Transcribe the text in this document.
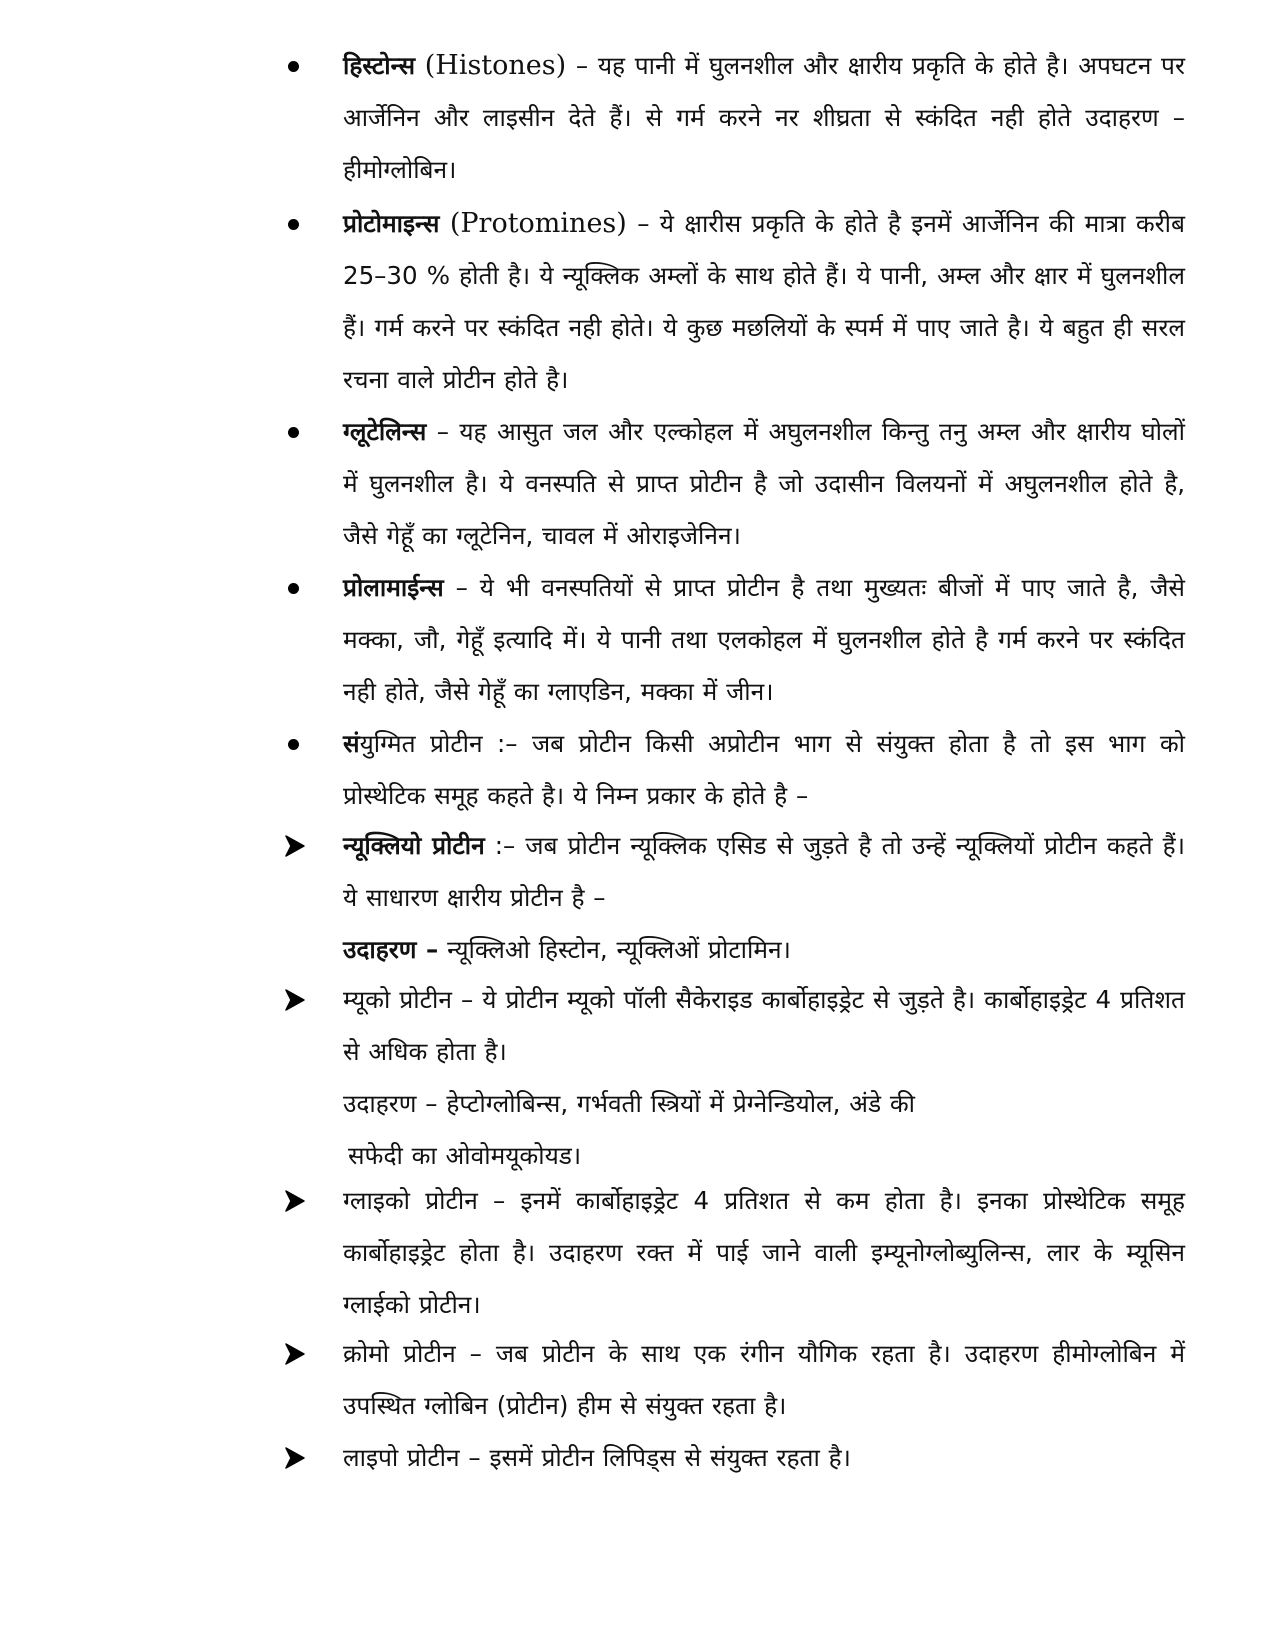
हिस्टोन्स (Histones) – यह पानी में घुलनशील और क्षारीय प्रकृति के होते है। अपघटन पर आर्जेनिन और लाइसीन देते हैं। से गर्म करने नर शीघ्रता से स्कंदित नही होते उदाहरण – हीमोग्लोबिन।
प्रोटोमाइन्स (Protomines) – ये क्षारीस प्रकृति के होते है इनमें आर्जेनिन की मात्रा करीब 25–30 % होती है। ये न्यूक्लिक अम्लों के साथ होते हैं। ये पानी, अम्ल और क्षार में घुलनशील हैं। गर्म करने पर स्कंदित नही होते। ये कुछ मछलियों के स्पर्म में पाए जाते है। ये बहुत ही सरल रचना वाले प्रोटीन होते है।
ग्लूटेलिन्स – यह आसुत जल और एल्कोहल में अघुलनशील किन्तु तनु अम्ल और क्षारीय घोलों में घुलनशील है। ये वनस्पति से प्राप्त प्रोटीन है जो उदासीन विलयनों में अघुलनशील होते है, जैसे गेहूँ का ग्लूटेनिन, चावल में ओराइजेनिन।
प्रोलामाईन्स – ये भी वनस्पतियों से प्राप्त प्रोटीन है तथा मुख्यतः बीजों में पाए जाते है, जैसे मक्का, जौ, गेहूँ इत्यादि में। ये पानी तथा एलकोहल में घुलनशील होते है गर्म करने पर स्कंदित नही होते, जैसे गेहूँ का ग्लाएडिन, मक्का में जीन।
संयुग्मित प्रोटीन :– जब प्रोटीन किसी अप्रोटीन भाग से संयुक्त होता है तो इस भाग को प्रोस्थेटिक समूह कहते है। ये निम्न प्रकार के होते है –
न्यूक्लियो प्रोटीन :– जब प्रोटीन न्यूक्लिक एसिड से जुड़ते है तो उन्हें न्यूक्लियों प्रोटीन कहते हैं। ये साधारण क्षारीय प्रोटीन है –
उदाहरण – न्यूक्लिओ हिस्टोन, न्यूक्लिओं प्रोटामिन।
म्यूको प्रोटीन – ये प्रोटीन म्यूको पॉली सैकेराइड कार्बोहाइड्रेट से जुड़ते है। कार्बोहाइड्रेट 4 प्रतिशत से अधिक होता है।
उदाहरण – हेप्टोग्लोबिन्स, गर्भवती स्त्रियों में प्रेग्नेन्डियोल, अंडे की
सफेदी का ओवोमयूकोयड।
ग्लाइको प्रोटीन – इनमें कार्बोहाइड्रेट 4 प्रतिशत से कम होता है। इनका प्रोस्थेटिक समूह कार्बोहाइड्रेट होता है। उदाहरण रक्त में पाई जाने वाली इम्यूनोग्लोब्युलिन्स, लार के म्यूसिन ग्लाईको प्रोटीन।
क्रोमो प्रोटीन – जब प्रोटीन के साथ एक रंगीन यौगिक रहता है। उदाहरण हीमोग्लोबिन में उपस्थित ग्लोबिन (प्रोटीन) हीम से संयुक्त रहता है।
लाइपो प्रोटीन – इसमें प्रोटीन लिपिड्स से संयुक्त रहता है।
